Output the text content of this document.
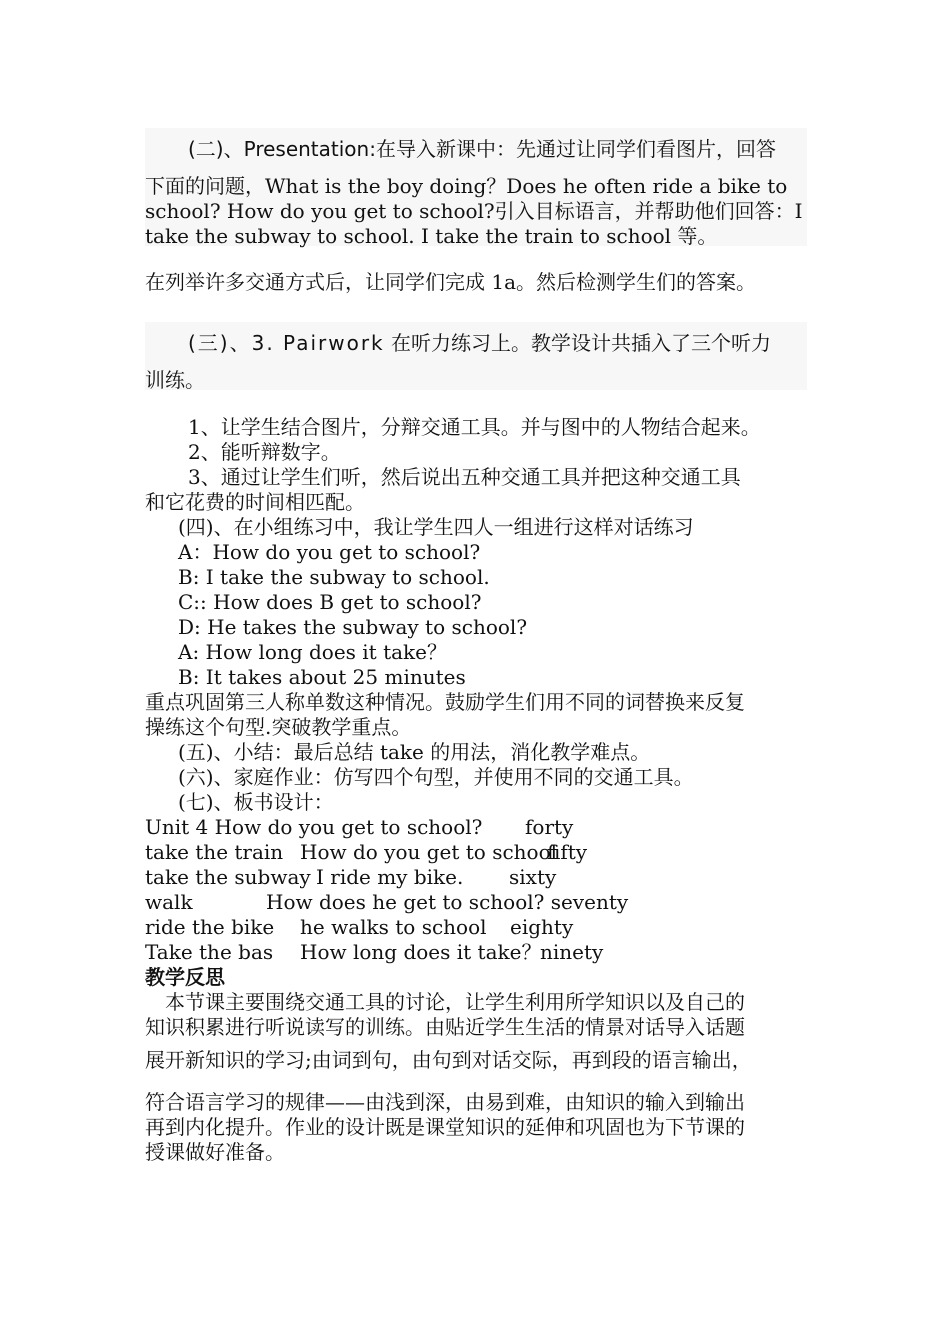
(二)、Presentation:在导入新课中：先通过让同学们看图片，回答
下面的问题，What is the boy doing？Does he often ride a bike to
school? How do you get to school?引入目标语言，并帮助他们回答：I
take the subway to school. I take the train to school 等。
在列举许多交通方式后，让同学们完成 1a。然后检测学生们的答案。
(三)、3. Pairwork 在听力练习上。教学设计共插入了三个听力
训练。
1、让学生结合图片，分辩交通工具。并与图中的人物结合起来。
2、能听辩数字。
3、通过让学生们听，然后说出五种交通工具并把这种交通工具
和它花费的时间相匹配。
(四)、在小组练习中，我让学生四人一组进行这样对话练习
A：How do you get to school?
B: I take the subway to school.
C:: How does B get to school?
D: He takes the subway to school?
A: How long does it take？
B: It takes about 25 minutes
重点巩固第三人称单数这种情况。鼓励学生们用不同的词替换来反复
操练这个句型.突破教学重点。
(五)、小结：最后总结 take 的用法，消化教学难点。
(六)、家庭作业：仿写四个句型，并使用不同的交通工具。
(七)、板书设计：
Unit 4 How do you get to school? forty
take the train How do you get to school
fifty
take the subway I ride my bike. sixty
walk	How does he get to school? seventy
ride the bike he walks to school eighty
Take the bas How long does it take？
ninety
教学反思
本节课主要围绕交通工具的讨论，让学生利用所学知识以及自己的
知识积累进行听说读写的训练。由贴近学生生活的情景对话导入话题
展开新知识的学习;由词到句，由句到对话交际，再到段的语言输出，
符合语言学习的规律——由浅到深，由易到难，由知识的输入到输出
再到内化提升。作业的设计既是课堂知识的延伸和巩固也为下节课的
授课做好准备。
